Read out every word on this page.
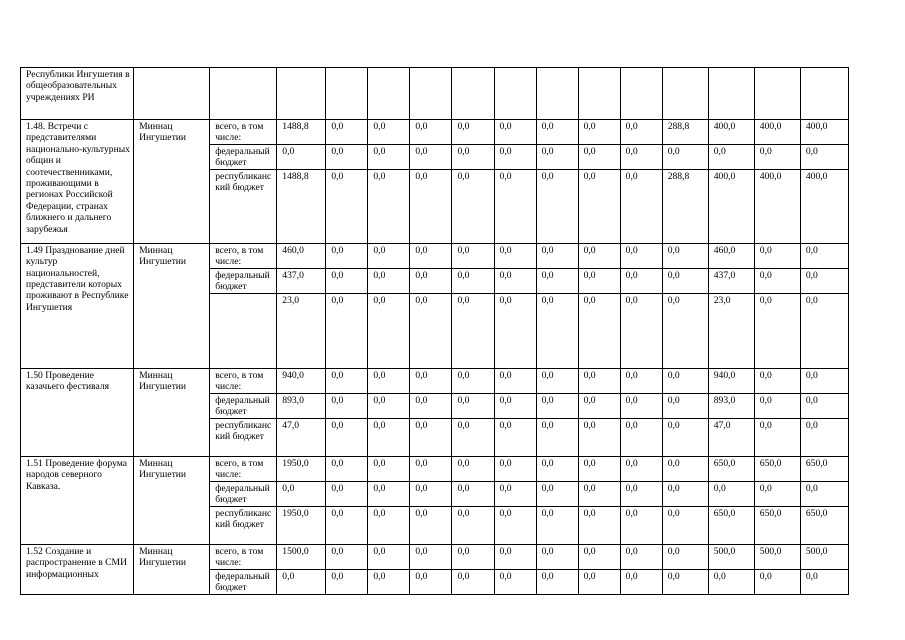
Республики Ингушетия в общеобразовательных учреждениях РИ															
1.48. Встречи с представителями национально-культурных общин и соотечественниками, проживающими в регионах Российской Федерации, странах ближнего и дальнего зарубежья	Миннац Ингушетии	всего, в том числе:	1488,8	0,0	0,0	0,0	0,0	0,0	0,0	0,0	0,0	288,8	400,0	400,0	400,0
		федеральный бюджет	0,0	0,0	0,0	0,0	0,0	0,0	0,0	0,0	0,0	0,0	0,0	0,0	0,0
		республиканский бюджет	1488,8	0,0	0,0	0,0	0,0	0,0	0,0	0,0	0,0	288,8	400,0	400,0	400,0
1.49 Празднование дней культур национальностей, представители которых проживают в Республике Ингушетия	Миннац Ингушетии	всего, в том числе:	460,0	0,0	0,0	0,0	0,0	0,0	0,0	0,0	0,0	0,0	460,0	0,0	0,0
		федеральный бюджет	437,0	0,0	0,0	0,0	0,0	0,0	0,0	0,0	0,0	0,0	437,0	0,0	0,0
			23,0	0,0	0,0	0,0	0,0	0,0	0,0	0,0	0,0	0,0	23,0	0,0	0,0
1.50 Проведение казачьего фестиваля	Миннац Ингушетии	всего, в том числе:	940,0	0,0	0,0	0,0	0,0	0,0	0,0	0,0	0,0	0,0	940,0	0,0	0,0
		федеральный бюджет	893,0	0,0	0,0	0,0	0,0	0,0	0,0	0,0	0,0	0,0	893,0	0,0	0,0
		республиканский бюджет	47,0	0,0	0,0	0,0	0,0	0,0	0,0	0,0	0,0	0,0	47,0	0,0	0,0
1.51 Проведение форума народов северного Кавказа.	Миннац Ингушетии	всего, в том числе:	1950,0	0,0	0,0	0,0	0,0	0,0	0,0	0,0	0,0	0,0	650,0	650,0	650,0
		федеральный бюджет	0,0	0,0	0,0	0,0	0,0	0,0	0,0	0,0	0,0	0,0	0,0	0,0	0,0
		республиканский бюджет	1950,0	0,0	0,0	0,0	0,0	0,0	0,0	0,0	0,0	0,0	650,0	650,0	650,0
1.52 Создание и распространение в СМИ информационных	Миннац Ингушетии	всего, в том числе:	1500,0	0,0	0,0	0,0	0,0	0,0	0,0	0,0	0,0	0,0	500,0	500,0	500,0
		федеральный бюджет	0,0	0,0	0,0	0,0	0,0	0,0	0,0	0,0	0,0	0,0	0,0	0,0	0,0
